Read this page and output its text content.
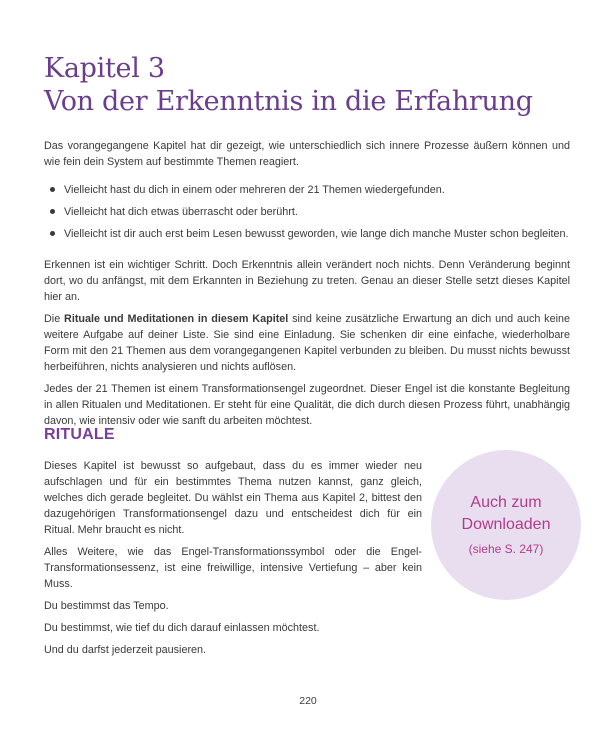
Kapitel 3
Von der Erkenntnis in die Erfahrung

Das vorangegangene Kapitel hat dir gezeigt, wie unterschiedlich sich innere Prozesse äußern können und wie fein dein System auf bestimmte Themen reagiert.

Vielleicht hast du dich in einem oder mehreren der 21 Themen wiedergefunden.
Vielleicht hat dich etwas überrascht oder berührt.
Vielleicht ist dir auch erst beim Lesen bewusst geworden, wie lange dich manche Muster schon begleiten.

Erkennen ist ein wichtiger Schritt. Doch Erkenntnis allein verändert noch nichts. Denn Veränderung beginnt dort, wo du anfängst, mit dem Erkannten in Beziehung zu treten. Genau an dieser Stelle setzt dieses Kapitel hier an.

Die Rituale und Meditationen in diesem Kapitel sind keine zusätzliche Erwartung an dich und auch keine weitere Aufgabe auf deiner Liste. Sie sind eine Einladung. Sie schenken dir eine einfache, wiederholbare Form mit den 21 Themen aus dem vorangegangenen Kapitel verbunden zu bleiben. Du musst nichts bewusst herbeiführen, nichts analysieren und nichts auflösen.

Jedes der 21 Themen ist einem Transformationsengel zugeordnet. Dieser Engel ist die konstante Begleitung in allen Ritualen und Meditationen. Er steht für eine Qualität, die dich durch diesen Prozess führt, unabhängig davon, wie intensiv oder wie sanft du arbeiten möchtest.

RITUALE

Dieses Kapitel ist bewusst so aufgebaut, dass du es immer wieder neu aufschlagen und für ein bestimmtes Thema nutzen kannst, ganz gleich, welches dich gerade begleitet. Du wählst ein Thema aus Kapitel 2, bittest den dazugehörigen Transformationsengel dazu und entscheidest dich für ein Ritual. Mehr braucht es nicht.

Alles Weitere, wie das Engel-Transformationssymbol oder die Engel-Transformationsessenz, ist eine freiwillige, intensive Vertiefung – aber kein Muss.

Du bestimmst das Tempo.

Du bestimmst, wie tief du dich darauf einlassen möchtest.

Und du darfst jederzeit pausieren.

Auch zum
Downloaden
(siehe S. 247)
220
